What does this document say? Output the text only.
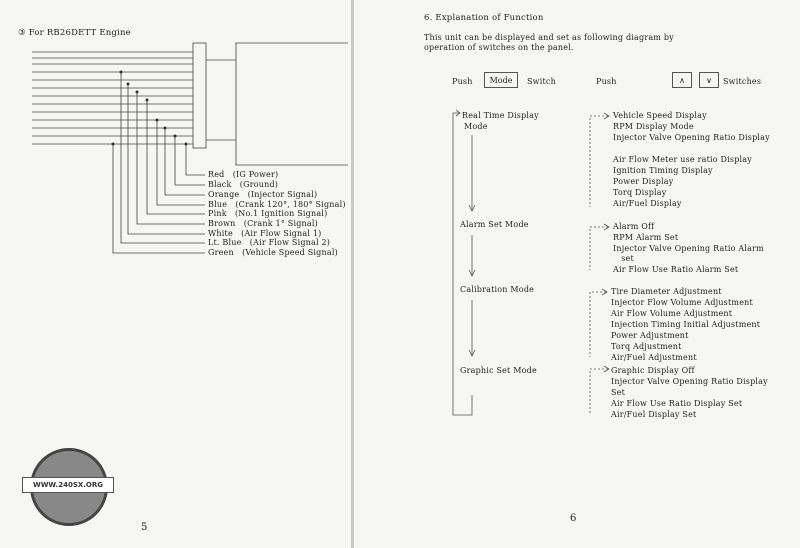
③ For RB26DETT Engine
Red (IG Power)
Black (Ground)
Orange (Injector Signal)
Blue (Crank 120°, 180° Signal)
Pink (No.1 Ignition Signal)
Brown (Crank 1° Signal)
White (Air Flow Signal 1)
Lt. Blue (Air Flow Signal 2)
Green (Vehicle Speed Signal)
WWW.240SX.ORG
5
6. Explanation of Function
This unit can be displayed and set as following diagram by
operation of switches on the panel.
Push	Mode	Switch	Push	∧	∨	Switches
Real Time Display
Mode
Alarm Set Mode
Calibration Mode
Graphic Set Mode
Vehicle Speed Display
RPM Display Mode
Injector Valve Opening Ratio Display
Air Flow Meter use ratio Display
Ignition Timing Display
Power Display
Torq Display
Air/Fuel Display
Alarm Off
RPM Alarm Set
Injector Valve Opening Ratio Alarm
set
Air Flow Use Ratio Alarm Set
Tire Diameter Adjustment
Injector Flow Volume Adjustment
Air Flow Volume Adjustment
Injection Timing Initial Adjustment
Power Adjustment
Torq Adjustment
Air/Fuel Adjustment
Graphic Display Off
Injector Valve Opening Ratio Display
Set
Air Flow Use Ratio Display Set
Air/Fuel Display Set
6
